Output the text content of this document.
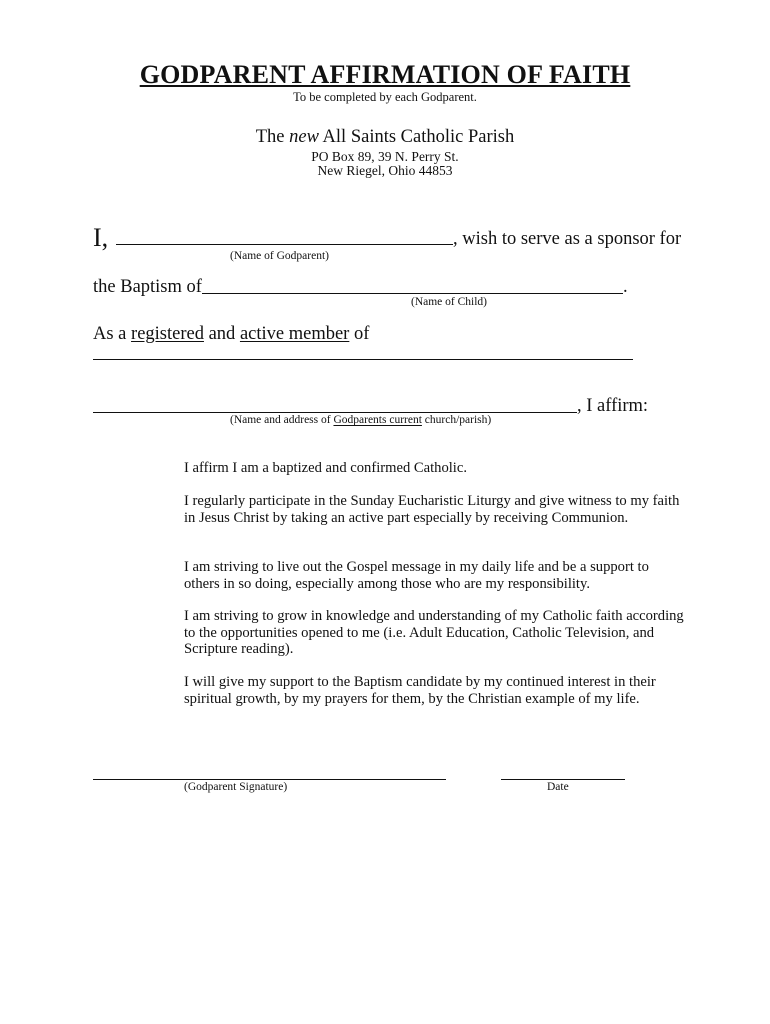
GODPARENT AFFIRMATION OF FAITH
To be completed by each Godparent.
The new All Saints Catholic Parish
PO Box 89, 39 N. Perry St.
New Riegel, Ohio 44853
I,	, wish to serve as a sponsor for
(Name of Godparent)
the Baptism of	.
(Name of Child)
As a registered and active member of
, I affirm:
(Name and address of Godparents current church/parish)
I affirm I am a baptized and confirmed Catholic.
I regularly participate in the Sunday Eucharistic Liturgy and give witness to my faith in Jesus Christ by taking an active part especially by receiving Communion.
I am striving to live out the Gospel message in my daily life and be a support to others in so doing, especially among those who are my responsibility.
I am striving to grow in knowledge and understanding of my Catholic faith according to the opportunities opened to me (i.e. Adult Education, Catholic Television, and Scripture reading).
I will give my support to the Baptism candidate by my continued interest in their spiritual growth, by my prayers for them, by the Christian example of my life.
(Godparent Signature)	Date
